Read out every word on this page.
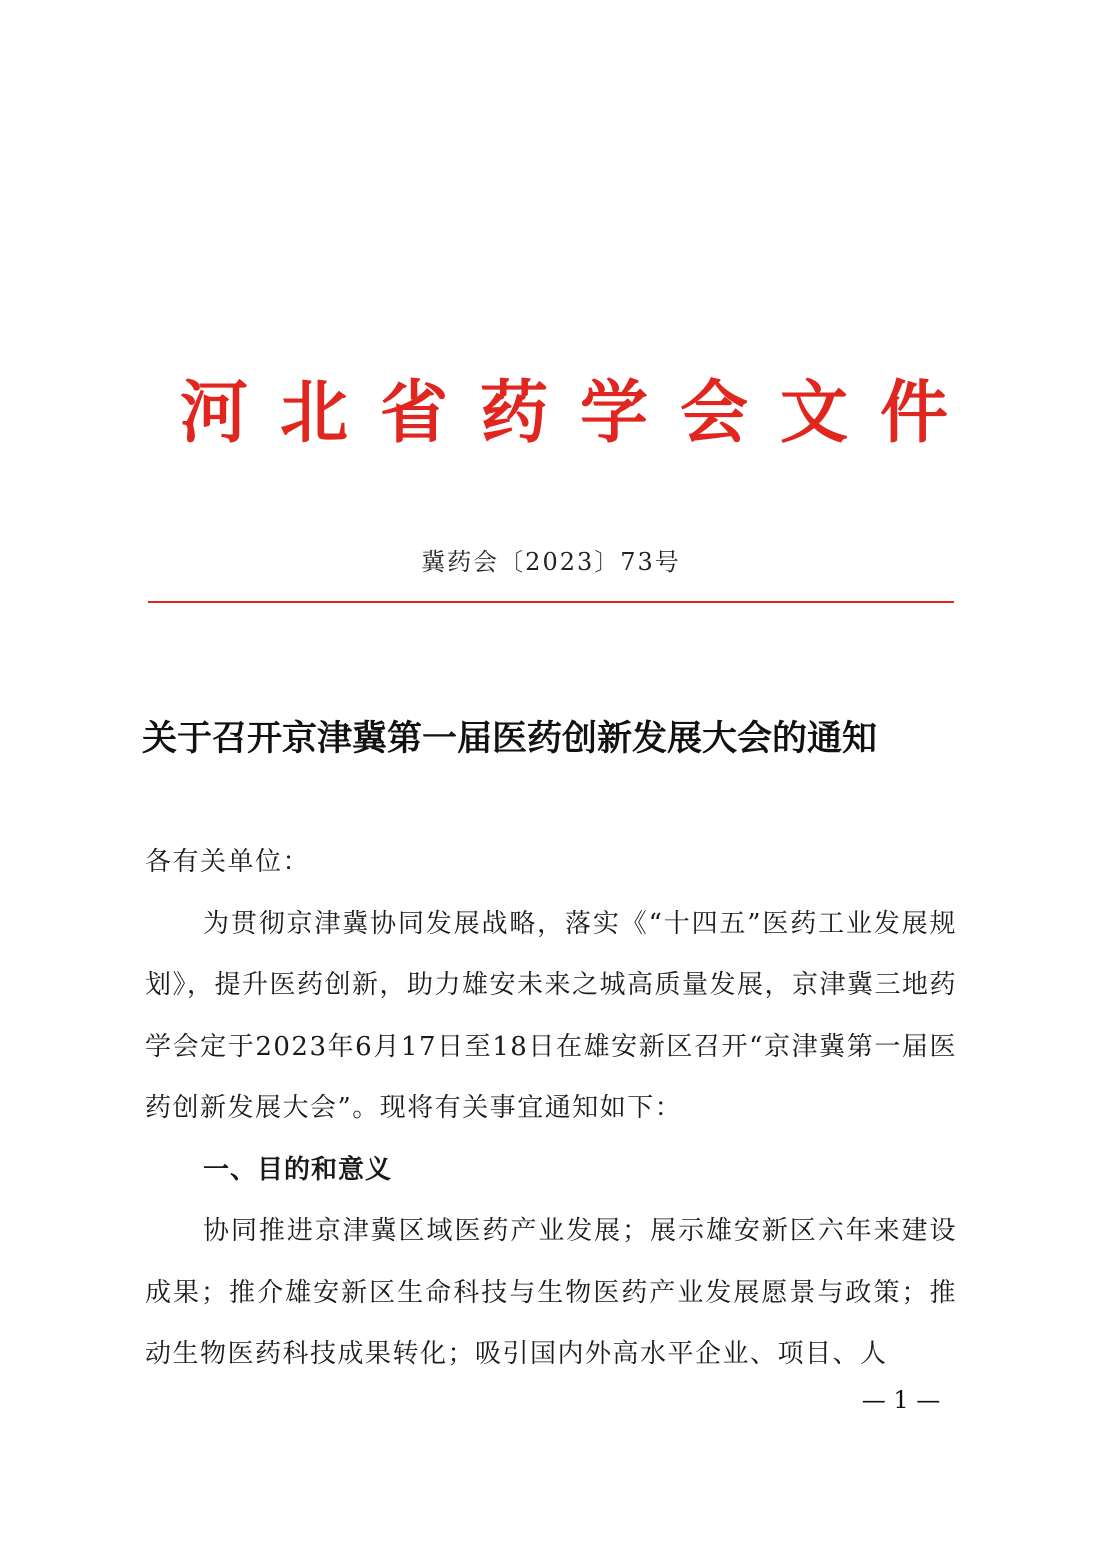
河北省药学会文件
冀药会〔2023〕73号
关于召开京津冀第一届医药创新发展大会的通知

各有关单位：

为贯彻京津冀协同发展战略，落实《“十四五”医药工业发展规划》，提升医药创新，助力雄安未来之城高质量发展，京津冀三地药学会定于2023年6月17日至18日在雄安新区召开“京津冀第一届医药创新发展大会”。现将有关事宜通知如下：

一、目的和意义

协同推进京津冀区域医药产业发展；展示雄安新区六年来建设成果；推介雄安新区生命科技与生物医药产业发展愿景与政策；推动生物医药科技成果转化；吸引国内外高水平企业、项目、人

— 1 —
